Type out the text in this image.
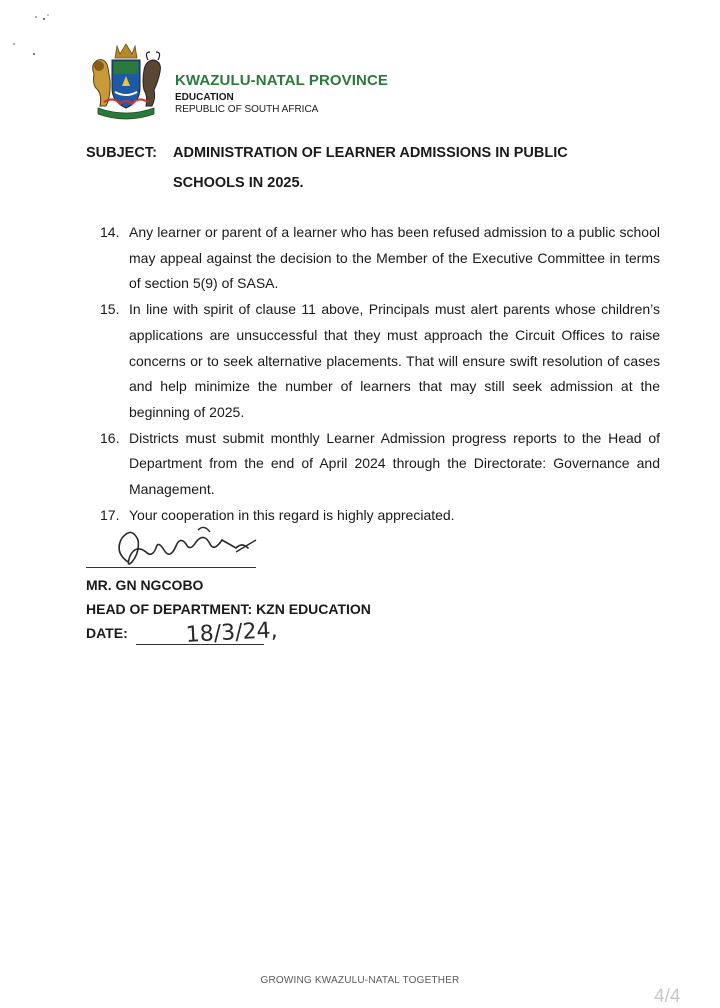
KWAZULU-NATAL PROVINCE
EDUCATION
REPUBLIC OF SOUTH AFRICA
SUBJECT: ADMINISTRATION OF LEARNER ADMISSIONS IN PUBLIC
SCHOOLS IN 2025.
14. Any learner or parent of a learner who has been refused admission to a public school may appeal against the decision to the Member of the Executive Committee in terms of section 5(9) of SASA.
15. In line with spirit of clause 11 above, Principals must alert parents whose children’s applications are unsuccessful that they must approach the Circuit Offices to raise concerns or to seek alternative placements. That will ensure swift resolution of cases and help minimize the number of learners that may still seek admission at the beginning of 2025.
16. Districts must submit monthly Learner Admission progress reports to the Head of Department from the end of April 2024 through the Directorate: Governance and Management.
17. Your cooperation in this regard is highly appreciated.
MR. GN NGCOBO
HEAD OF DEPARTMENT: KZN EDUCATION
DATE:	18/3/24,
GROWING KWAZULU-NATAL TOGETHER
4/4
